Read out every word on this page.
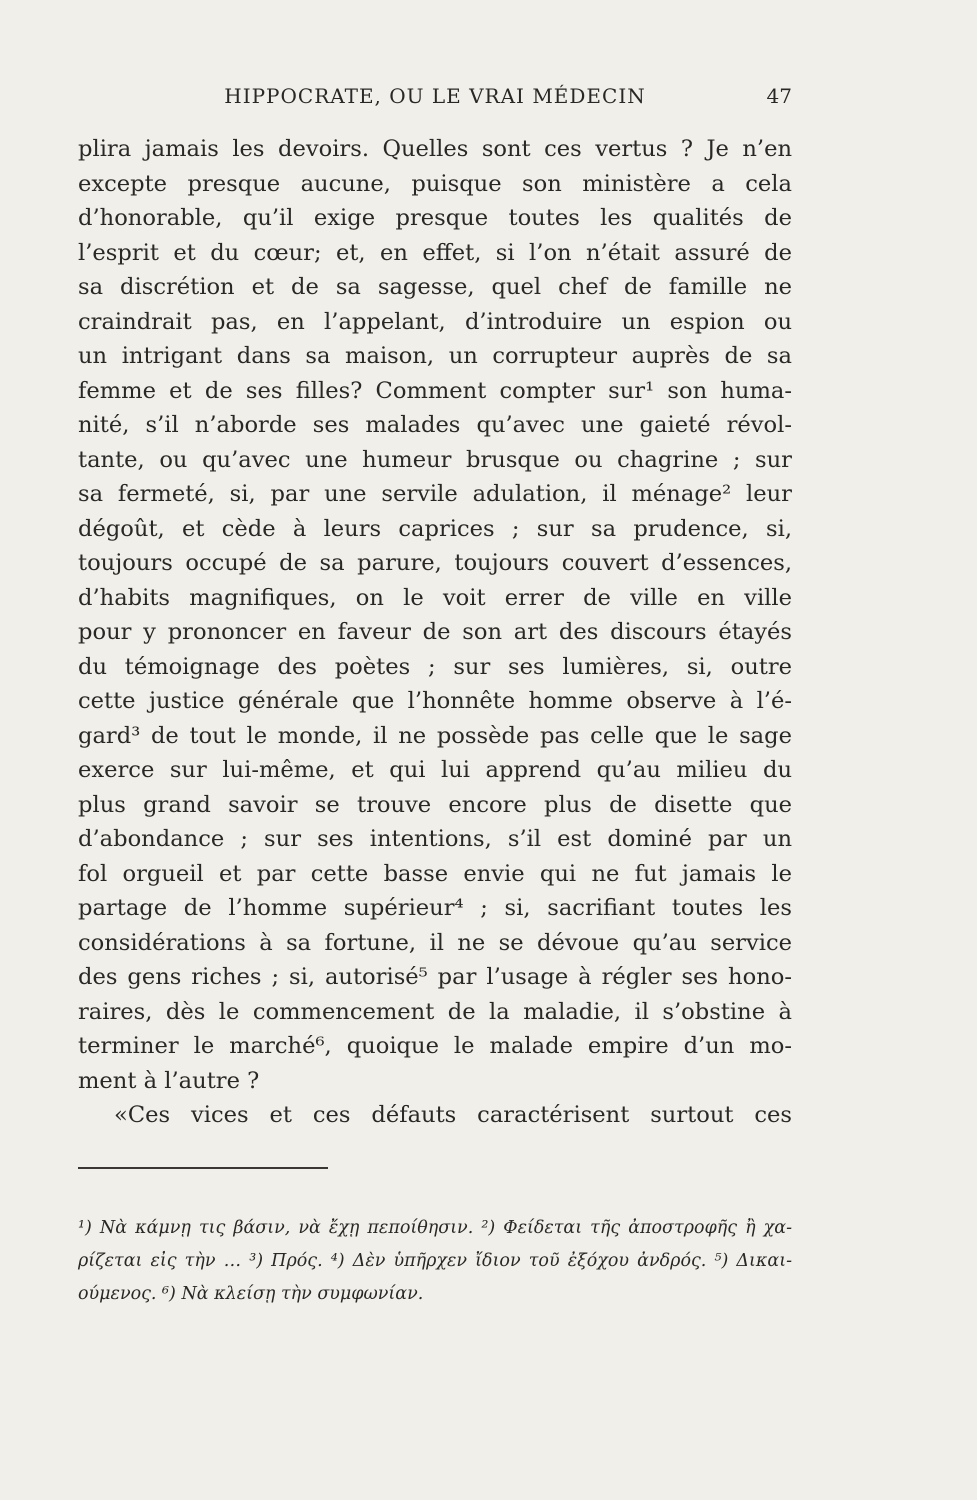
HIPPOCRATE, OU LE VRAI MÉDECIN	47
plira jamais les devoirs. Quelles sont ces vertus ? Je n’en
excepte presque aucune, puisque son ministère a cela
d’honorable, qu’il exige presque toutes les qualités de
l’esprit et du cœur; et, en effet, si l’on n’était assuré de
sa discrétion et de sa sagesse, quel chef de famille ne
craindrait pas, en l’appelant, d’introduire un espion ou
un intrigant dans sa maison, un corrupteur auprès de sa
femme et de ses filles? Comment compter sur¹ son huma-
nité, s’il n’aborde ses malades qu’avec une gaieté révol-
tante, ou qu’avec une humeur brusque ou chagrine ; sur
sa fermeté, si, par une servile adulation, il ménage² leur
dégoût, et cède à leurs caprices ; sur sa prudence, si,
toujours occupé de sa parure, toujours couvert d’essences,
d’habits magnifiques, on le voit errer de ville en ville
pour y prononcer en faveur de son art des discours étayés
du témoignage des poètes ; sur ses lumières, si, outre
cette justice générale que l’honnête homme observe à l’é-
gard³ de tout le monde, il ne possède pas celle que le sage
exerce sur lui-même, et qui lui apprend qu’au milieu du
plus grand savoir se trouve encore plus de disette que
d’abondance ; sur ses intentions, s’il est dominé par un
fol orgueil et par cette basse envie qui ne fut jamais le
partage de l’homme supérieur⁴ ; si, sacrifiant toutes les
considérations à sa fortune, il ne se dévoue qu’au service
des gens riches ; si, autorisé⁵ par l’usage à régler ses hono-
raires, dès le commencement de la maladie, il s’obstine à
terminer le marché⁶, quoique le malade empire d’un mo-
ment à l’autre ?
«Ces vices et ces défauts caractérisent surtout ces
¹) Νὰ κάμνῃ τις βάσιν, νὰ ἔχῃ πεποίθησιν. ²) Φείδεται τῆς ἀποστροφῆς ἢ χα-
ρίζεται εἰς τὴν … ³) Πρός. ⁴) Δὲν ὑπῆρχεν ἴδιον τοῦ ἐξόχου ἀνδρός. ⁵) Δικαι-
ούμενος. ⁶) Νὰ κλείσῃ τὴν συμφωνίαν.
